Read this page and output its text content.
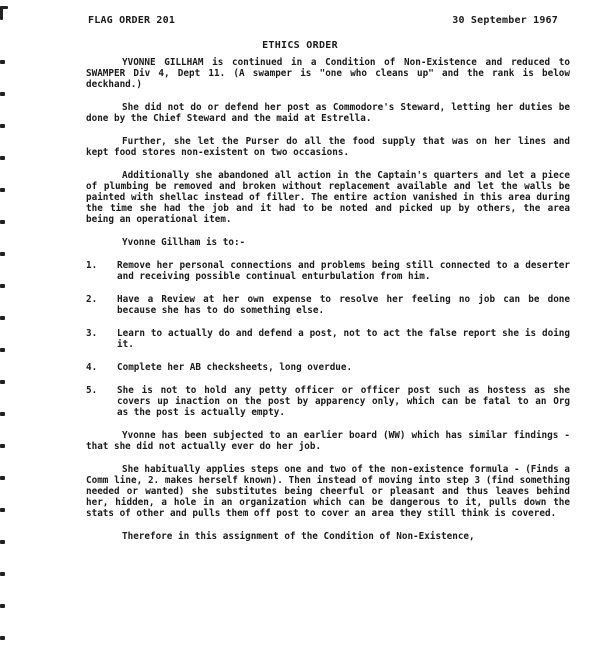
FLAG ORDER 201	30 September 1967
ETHICS ORDER

YVONNE GILLHAM is continued in a Condition of Non-Existence and reduced to SWAMPER Div 4, Dept 11. (A swamper is "one who cleans up" and the rank is below deckhand.)

She did not do or defend her post as Commodore's Steward, letting her duties be done by the Chief Steward and the maid at Estrella.

Further, she let the Purser do all the food supply that was on her lines and kept food stores non-existent on two occasions.

Additionally she abandoned all action in the Captain's quarters and let a piece of plumbing be removed and broken without replacement available and let the walls be painted with shellac instead of filler. The entire action vanished in this area during the time she had the job and it had to be noted and picked up by others, the area being an operational item.

Yvonne Gillham is to:-

1. Remove her personal connections and problems being still connected to a deserter and receiving possible continual enturbulation from him.
2. Have a Review at her own expense to resolve her feeling no job can be done because she has to do something else.
3. Learn to actually do and defend a post, not to act the false report she is doing it.
4. Complete her AB checksheets, long overdue.
5. She is not to hold any petty officer or officer post such as hostess as she covers up inaction on the post by apparency only, which can be fatal to an Org as the post is actually empty.

Yvonne has been subjected to an earlier board (WW) which has similar findings - that she did not actually ever do her job.

She habitually applies steps one and two of the non-existence formula - (Finds a Comm line, 2. makes herself known). Then instead of moving into step 3 (find something needed or wanted) she substitutes being cheerful or pleasant and thus leaves behind her, hidden, a hole in an organization which can be dangerous to it, pulls down the stats of other and pulls them off post to cover an area they still think is covered.

Therefore in this assignment of the Condition of Non-Existence,
